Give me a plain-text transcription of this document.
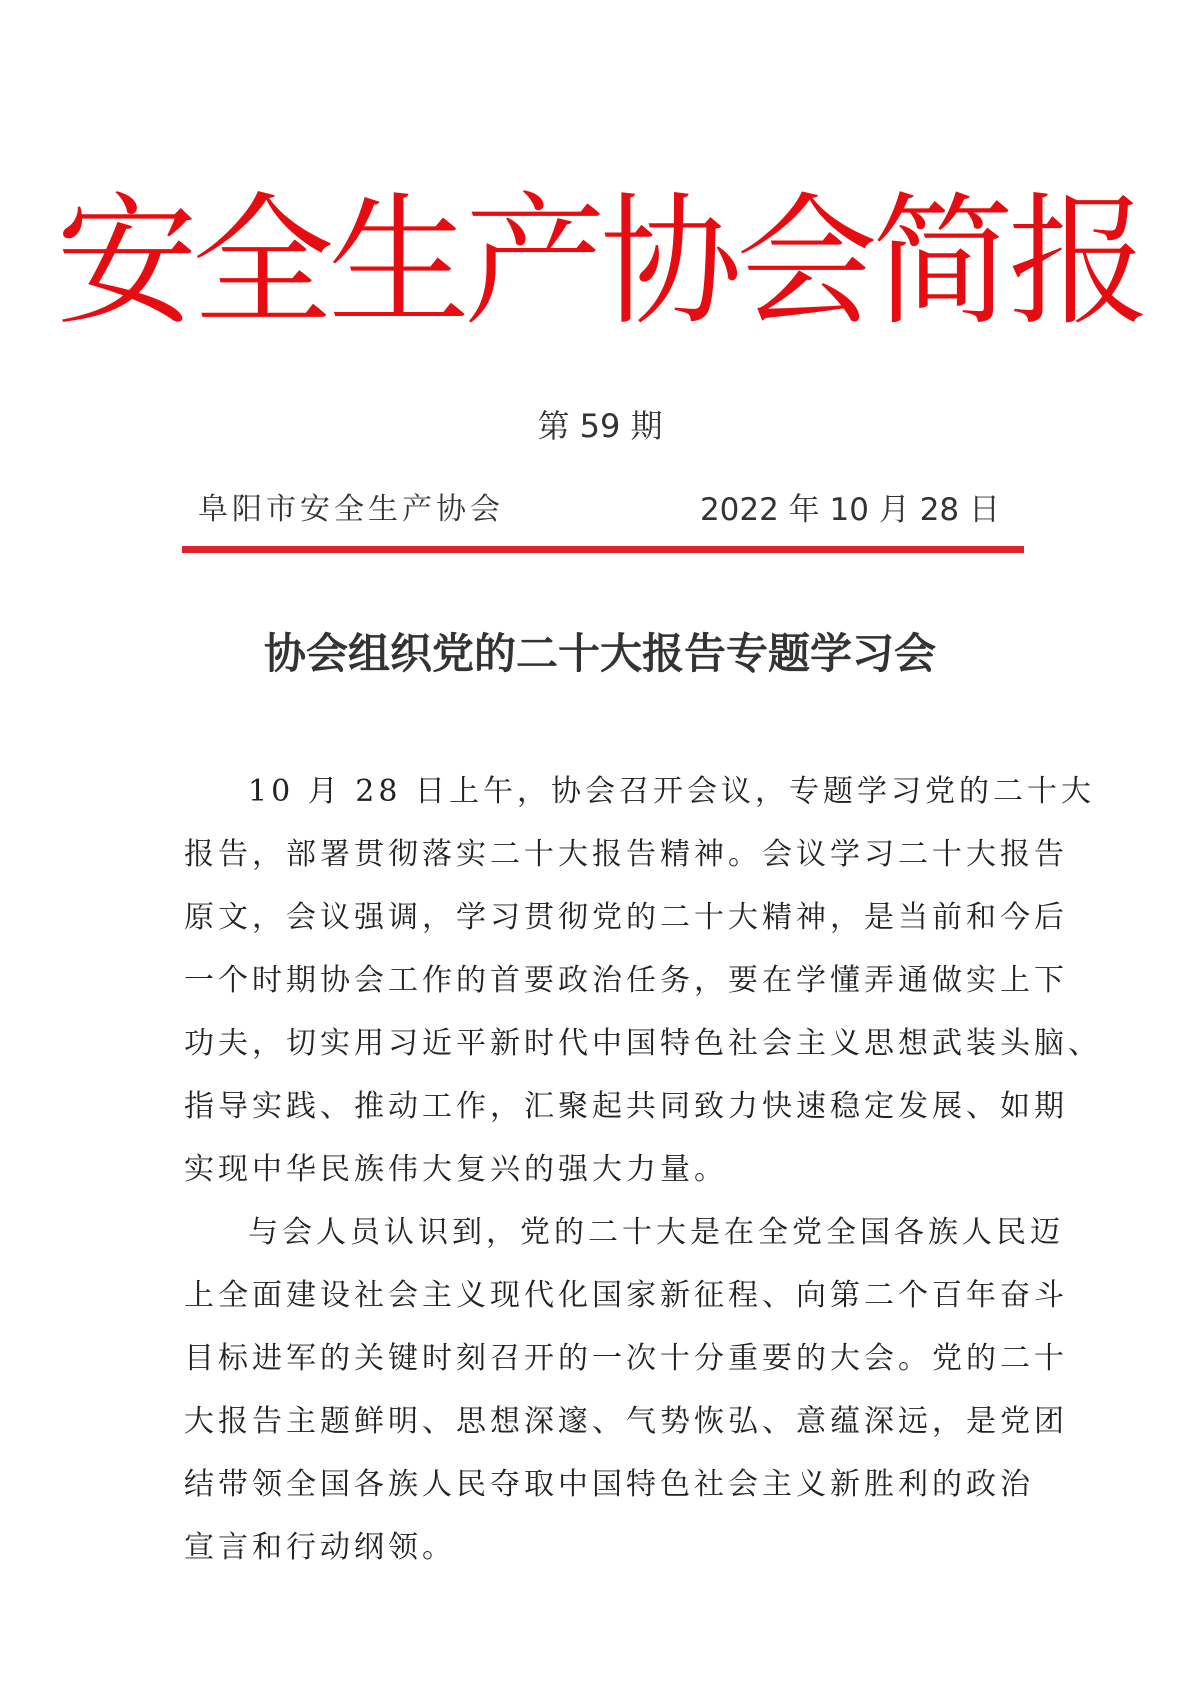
安全生产协会简报
第 59 期
阜阳市安全生产协会	2022 年 10 月 28 日
协会组织党的二十大报告专题学习会
10 月 28 日上午，协会召开会议，专题学习党的二十大
报告，部署贯彻落实二十大报告精神。会议学习二十大报告
原文，会议强调，学习贯彻党的二十大精神，是当前和今后
一个时期协会工作的首要政治任务，要在学懂弄通做实上下
功夫，切实用习近平新时代中国特色社会主义思想武装头脑、
指导实践、推动工作，汇聚起共同致力快速稳定发展、如期
实现中华民族伟大复兴的强大力量。
与会人员认识到，党的二十大是在全党全国各族人民迈
上全面建设社会主义现代化国家新征程、向第二个百年奋斗
目标进军的关键时刻召开的一次十分重要的大会。党的二十
大报告主题鲜明、思想深邃、气势恢弘、意蕴深远，是党团
结带领全国各族人民夺取中国特色社会主义新胜利的政治
宣言和行动纲领。
